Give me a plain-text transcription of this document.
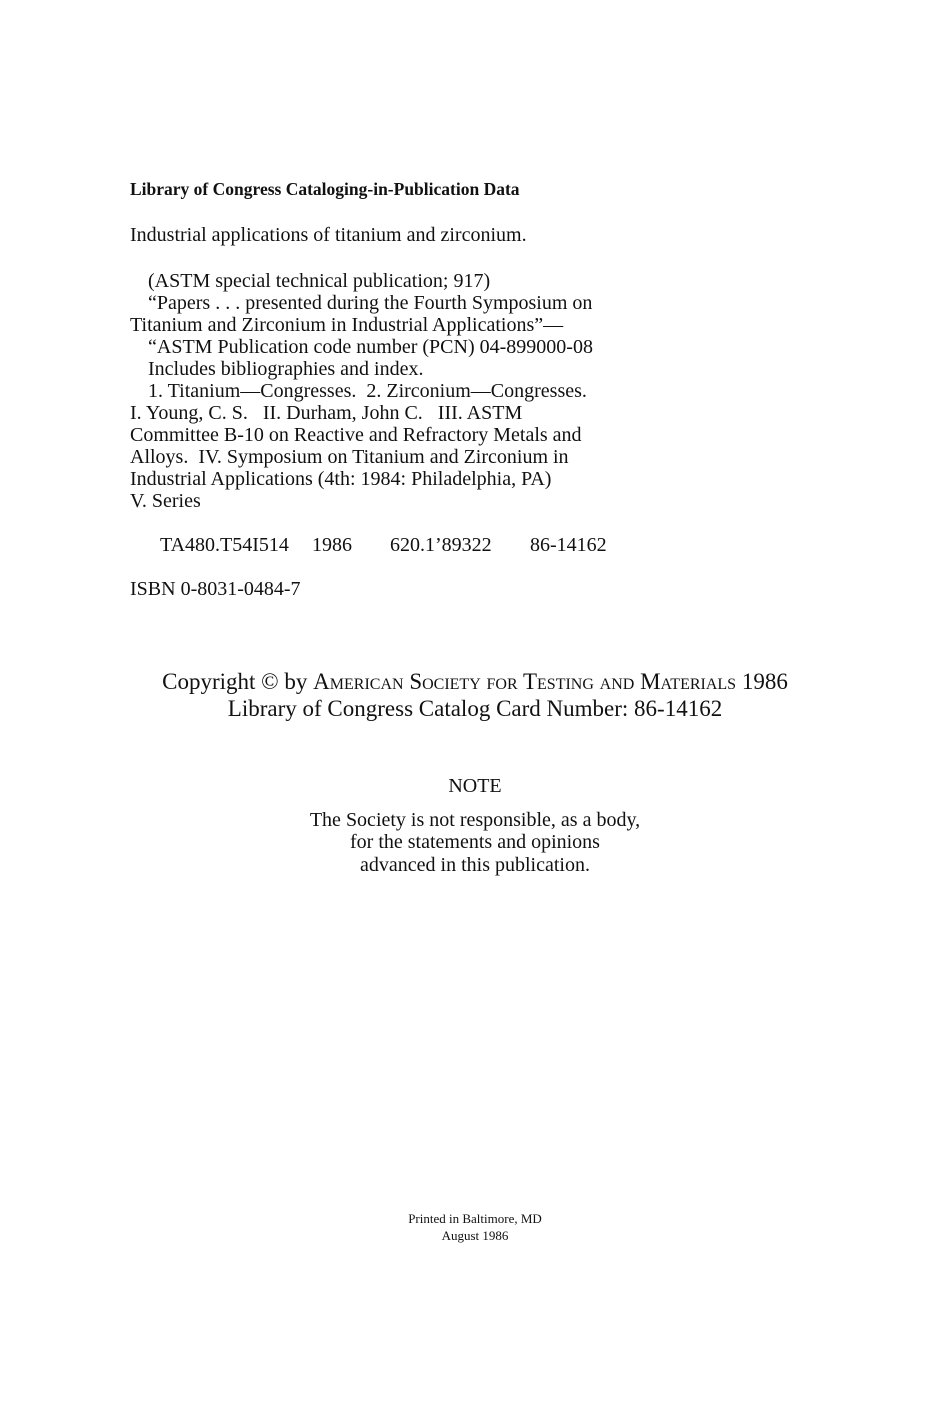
Library of Congress Cataloging-in-Publication Data
Industrial applications of titanium and zirconium.
(ASTM special technical publication; 917)
“Papers . . . presented during the Fourth Symposium on
Titanium and Zirconium in Industrial Applications”—
“ASTM Publication code number (PCN) 04-899000-08
Includes bibliographies and index.
1. Titanium—Congresses.  2. Zirconium—Congresses.
I. Young, C. S.   II. Durham, John C.   III. ASTM
Committee B-10 on Reactive and Refractory Metals and
Alloys.  IV. Symposium on Titanium and Zirconium in
Industrial Applications (4th: 1984: Philadelphia, PA)
V. Series

TA480.T54I514 1986 620.1’89322 86-14162

ISBN 0-8031-0484-7
Copyright © by American Society for Testing and Materials 1986
Library of Congress Catalog Card Number: 86-14162
NOTE
The Society is not responsible, as a body,
for the statements and opinions
advanced in this publication.
Printed in Baltimore, MD
August 1986
